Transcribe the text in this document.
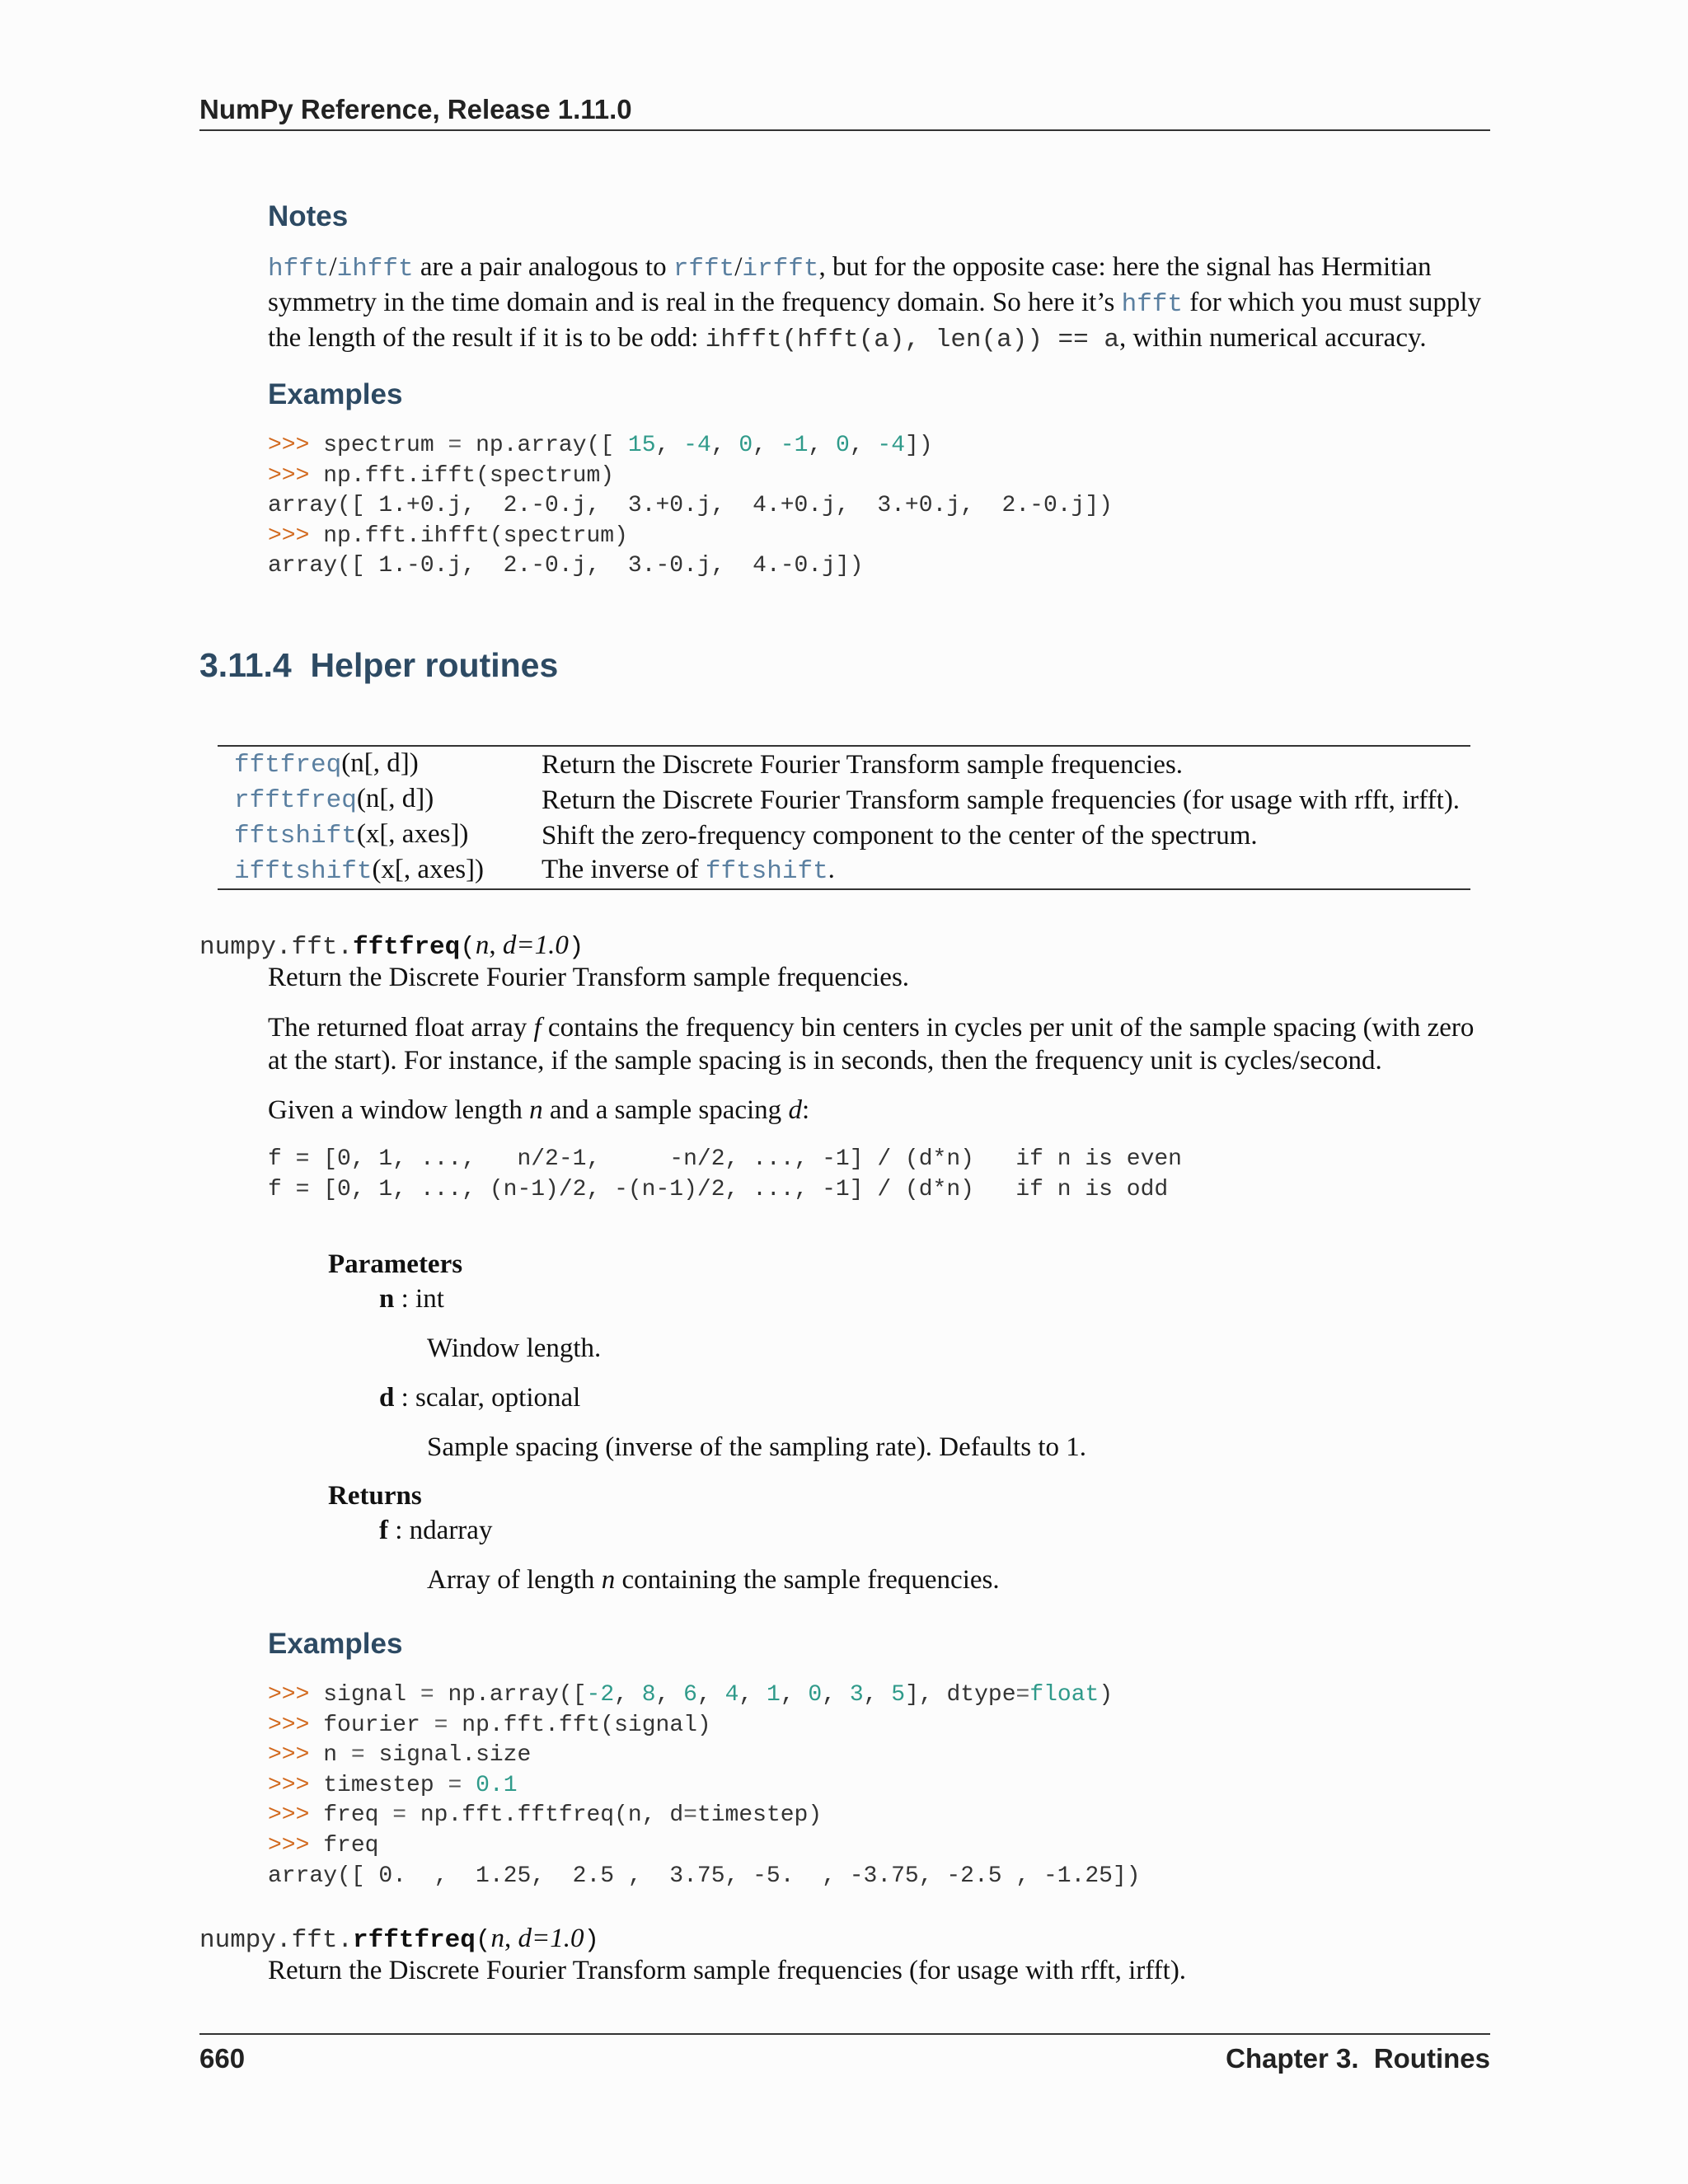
NumPy Reference, Release 1.11.0
Notes
hfft/ihfft are a pair analogous to rfft/irfft, but for the opposite case: here the signal has Hermitian
symmetry in the time domain and is real in the frequency domain. So here it’s hfft for which you must supply
the length of the result if it is to be odd: ihfft(hfft(a), len(a)) == a, within numerical accuracy.
Examples
>>> spectrum = np.array([ 15, -4, 0, -1, 0, -4])
>>> np.fft.ifft(spectrum)
array([ 1.+0.j,  2.-0.j,  3.+0.j,  4.+0.j,  3.+0.j,  2.-0.j])
>>> np.fft.ihfft(spectrum)
array([ 1.-0.j,  2.-0.j,  3.-0.j,  4.-0.j])
3.11.4 Helper routines
fftfreq(n[, d])	Return the Discrete Fourier Transform sample frequencies.
rfftfreq(n[, d])	Return the Discrete Fourier Transform sample frequencies (for usage with rfft, irfft).
fftshift(x[, axes])	Shift the zero-frequency component to the center of the spectrum.
ifftshift(x[, axes])	The inverse of fftshift.
numpy.fft.fftfreq(n, d=1.0)
Return the Discrete Fourier Transform sample frequencies.
The returned float array f contains the frequency bin centers in cycles per unit of the sample spacing (with zero
at the start). For instance, if the sample spacing is in seconds, then the frequency unit is cycles/second.
Given a window length n and a sample spacing d:
f = [0, 1, ...,   n/2-1,     -n/2, ..., -1] / (d*n)   if n is even
f = [0, 1, ..., (n-1)/2, -(n-1)/2, ..., -1] / (d*n)   if n is odd
Parameters
n : int
Window length.
d : scalar, optional
Sample spacing (inverse of the sampling rate). Defaults to 1.
Returns
f : ndarray
Array of length n containing the sample frequencies.
Examples
>>> signal = np.array([-2, 8, 6, 4, 1, 0, 3, 5], dtype=float)
>>> fourier = np.fft.fft(signal)
>>> n = signal.size
>>> timestep = 0.1
>>> freq = np.fft.fftfreq(n, d=timestep)
>>> freq
array([ 0.  ,  1.25,  2.5 ,  3.75, -5.  , -3.75, -2.5 , -1.25])
numpy.fft.rfftfreq(n, d=1.0)
Return the Discrete Fourier Transform sample frequencies (for usage with rfft, irfft).
660	Chapter 3.  Routines
